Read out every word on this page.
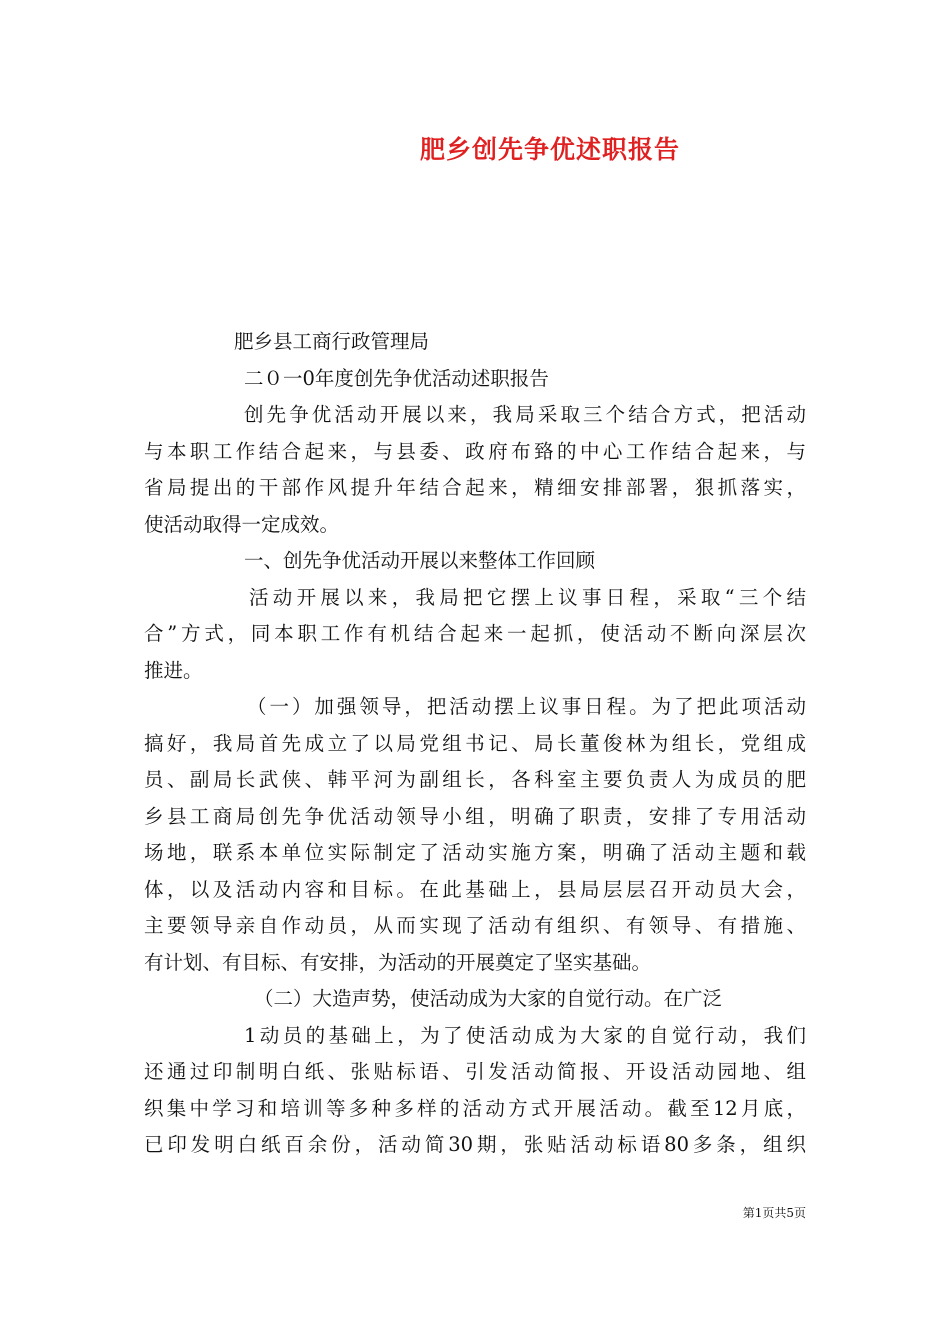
肥乡创先争优述职报告
肥乡县工商行政管理局
二０一0年度创先争优活动述职报告
创先争优活动开展以来，我局采取三个结合方式，把活动
与本职工作结合起来，与县委、政府布臵的中心工作结合起来，与
省局提出的干部作风提升年结合起来，精细安排部署，狠抓落实，
使活动取得一定成效。
一、创先争优活动开展以来整体工作回顾
活动开展以来，我局把它摆上议事日程，采取“三个结
合”方式，同本职工作有机结合起来一起抓，使活动不断向深层次
推进。
（一）加强领导，把活动摆上议事日程。为了把此项活动
搞好，我局首先成立了以局党组书记、局长董俊林为组长，党组成
员、副局长武侠、韩平河为副组长，各科室主要负责人为成员的肥
乡县工商局创先争优活动领导小组，明确了职责，安排了专用活动
场地，联系本单位实际制定了活动实施方案，明确了活动主题和载
体，以及活动内容和目标。在此基础上，县局层层召开动员大会，
主要领导亲自作动员，从而实现了活动有组织、有领导、有措施、
有计划、有目标、有安排，为活动的开展奠定了坚实基础。
（二）大造声势，使活动成为大家的自觉行动。在广泛
1动员的基础上，为了使活动成为大家的自觉行动，我们
还通过印制明白纸、张贴标语、引发活动简报、开设活动园地、组
织集中学习和培训等多种多样的活动方式开展活动。截至12月底，
已印发明白纸百余份，活动简30期，张贴活动标语80多条，组织
第1页共5页
